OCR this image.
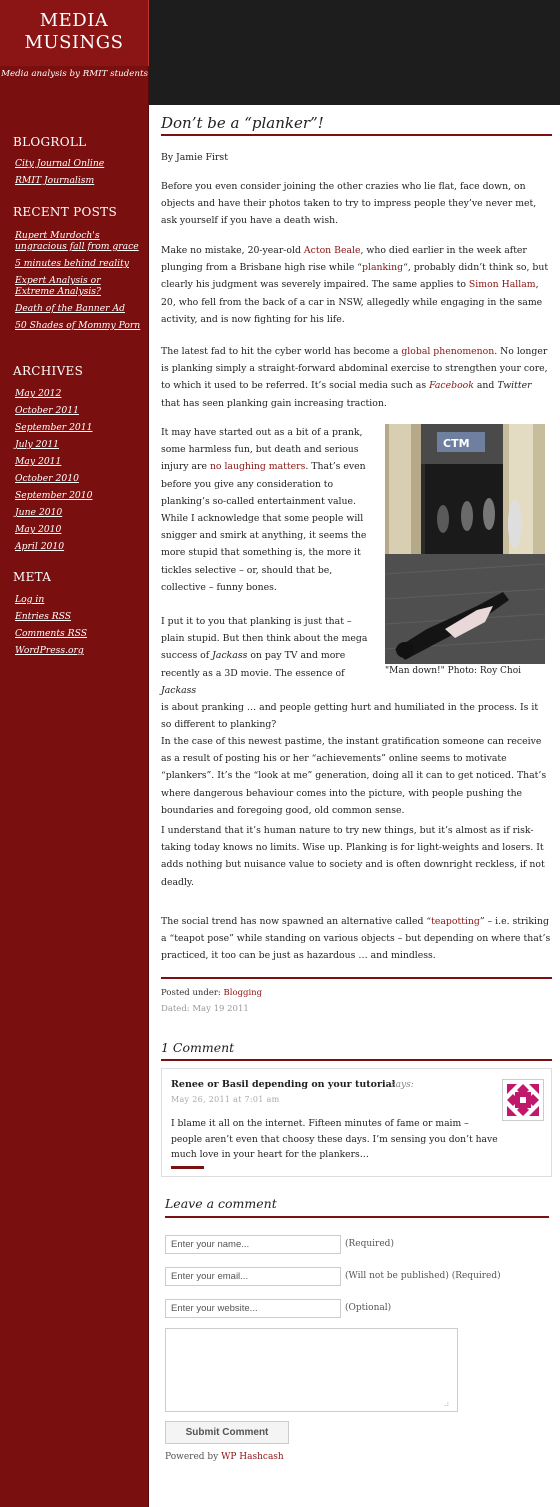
MEDIA
MUSINGS
Media analysis by RMIT students
BLOGROLL
City Journal Online
RMIT Journalism
RECENT POSTS
Rupert Murdoch's ungracious fall from grace
5 minutes behind reality
Expert Analysis or Extreme Analysis?
Death of the Banner Ad
50 Shades of Mommy Porn
ARCHIVES
May 2012
October 2011
September 2011
July 2011
May 2011
October 2010
September 2010
June 2010
May 2010
April 2010
META
Log in
Entries RSS
Comments RSS
WordPress.org
Don’t be a “planker”!
By Jamie First
Before you even consider joining the other crazies who lie flat, face down, on objects and have their photos taken to try to impress people they’ve never met, ask yourself if you have a death wish.
Make no mistake, 20-year-old Acton Beale, who died earlier in the week after plunging from a Brisbane high rise while “planking“, probably didn’t think so, but clearly his judgment was severely impaired. The same applies to Simon Hallam, 20, who fell from the back of a car in NSW, allegedly while engaging in the same activity, and is now fighting for his life.
The latest fad to hit the cyber world has become a global phenomenon. No longer is planking simply a straight-forward abdominal exercise to strengthen your core, to which it used to be referred. It’s social media such as Facebook and Twitter that has seen planking gain increasing traction.
It may have started out as a bit of a prank, some harmless fun, but death and serious injury are no laughing matters. That’s even before you give any consideration to planking’s so-called entertainment value. While I acknowledge that some people will snigger and smirk at anything, it seems the more stupid that something is, the more it tickles selective – or, should that be, collective – funny bones.
CTM
"Man down!" Photo: Roy Choi
I put it to you that planking is just that – plain stupid. But then think about the mega success of Jackass on pay TV and more recently as a 3D movie. The essence of Jackass
is about pranking … and people getting hurt and humiliated in the process. Is it so different to planking?
In the case of this newest pastime, the instant gratification someone can receive as a result of posting his or her “achievements” online seems to motivate “plankers”. It’s the “look at me” generation, doing all it can to get noticed. That’s where dangerous behaviour comes into the picture, with people pushing the boundaries and foregoing good, old common sense.
I understand that it’s human nature to try new things, but it’s almost as if risk-taking today knows no limits. Wise up. Planking is for light-weights and losers. It adds nothing but nuisance value to society and is often downright reckless, if not deadly.
The social trend has now spawned an alternative called “teapotting” – i.e. striking a “teapot pose” while standing on various objects – but depending on where that’s practiced, it too can be just as hazardous … and mindless.
Posted under: Blogging
Dated: May 19 2011
1 Comment
Renee or Basil depending on your tutorial
says:
May 26, 2011 at 7:01 am
I blame it all on the internet. Fifteen minutes of fame or maim – people aren’t even that choosy these days. I’m sensing you don’t have much love in your heart for the plankers…
Leave a comment
Enter your name...
(Required)
Enter your email...
(Will not be published) (Required)
Enter your website...
(Optional)
.:
Submit Comment
Powered by WP Hashcash
